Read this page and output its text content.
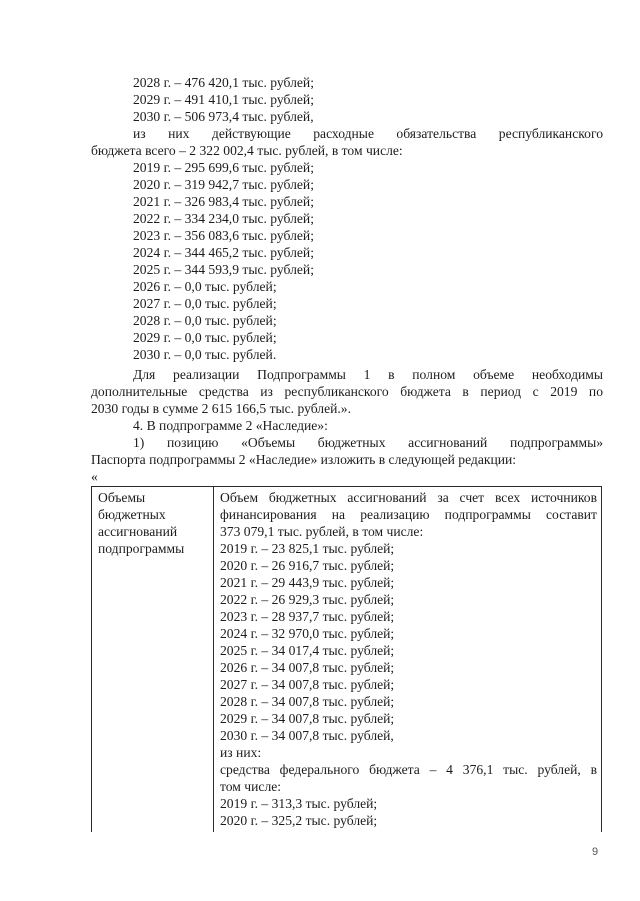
2028 г. – 476 420,1 тыс. рублей;
2029 г. – 491 410,1 тыс. рублей;
2030 г. – 506 973,4 тыс. рублей,
из них действующие расходные обязательства республиканского
бюджета всего – 2 322 002,4 тыс. рублей, в том числе:
2019 г. – 295 699,6 тыс. рублей;
2020 г. – 319 942,7 тыс. рублей;
2021 г. – 326 983,4 тыс. рублей;
2022 г. – 334 234,0 тыс. рублей;
2023 г. – 356 083,6 тыс. рублей;
2024 г. – 344 465,2 тыс. рублей;
2025 г. – 344 593,9 тыс. рублей;
2026 г. – 0,0 тыс. рублей;
2027 г. – 0,0 тыс. рублей;
2028 г. – 0,0 тыс. рублей;
2029 г. – 0,0 тыс. рублей;
2030 г. – 0,0 тыс. рублей.
Для реализации Подпрограммы 1 в полном объеме необходимы
дополнительные средства из республиканского бюджета в период с 2019 по
2030 годы в сумме 2 615 166,5 тыс. рублей.».
4. В подпрограмме 2 «Наследие»:
1) позицию «Объемы бюджетных ассигнований подпрограммы»
Паспорта подпрограммы 2 «Наследие» изложить в следующей редакции:
«
Объемы
бюджетных
ассигнований
подпрограммы
Объем бюджетных ассигнований за счет всех источников
финансирования на реализацию подпрограммы составит
373 079,1 тыс. рублей, в том числе:
2019 г. – 23 825,1 тыс. рублей;
2020 г. – 26 916,7 тыс. рублей;
2021 г. – 29 443,9 тыс. рублей;
2022 г. – 26 929,3 тыс. рублей;
2023 г. – 28 937,7 тыс. рублей;
2024 г. – 32 970,0 тыс. рублей;
2025 г. – 34 017,4 тыс. рублей;
2026 г. – 34 007,8 тыс. рублей;
2027 г. – 34 007,8 тыс. рублей;
2028 г. – 34 007,8 тыс. рублей;
2029 г. – 34 007,8 тыс. рублей;
2030 г. – 34 007,8 тыс. рублей,
из них:
средства федерального бюджета – 4 376,1 тыс. рублей, в
том числе:
2019 г. – 313,3 тыс. рублей;
2020 г. – 325,2 тыс. рублей;
9
